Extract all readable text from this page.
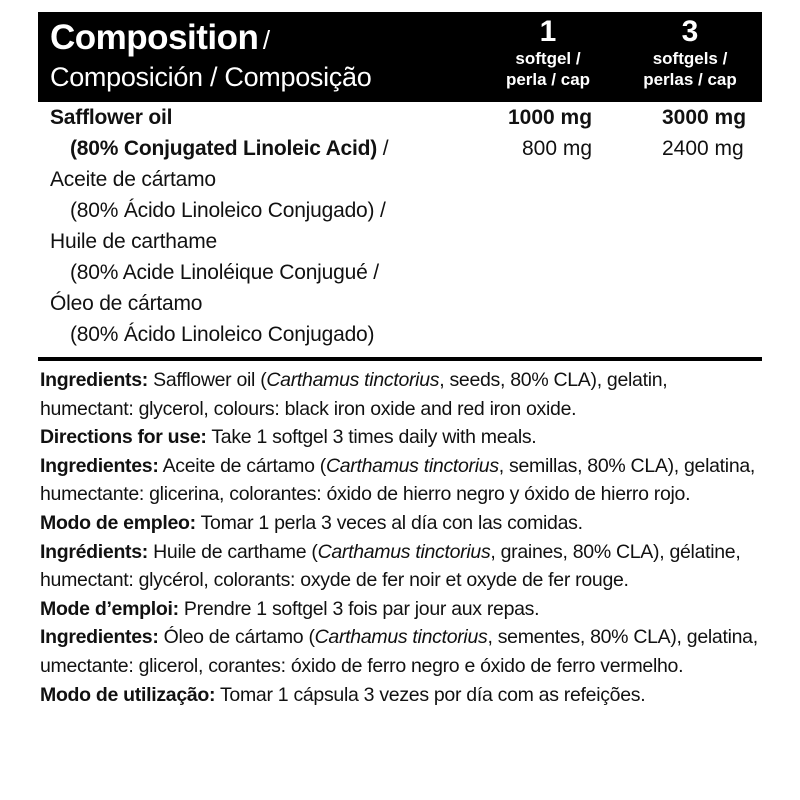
Composition /
Composición / Composição
1
softgel /
perla / cap
3
softgels /
perlas / cap
Safflower oil
(80% Conjugated Linoleic Acid) /
Aceite de cártamo
(80% Ácido Linoleico Conjugado) /
Huile de carthame
(80% Acide Linoléique Conjugué /
Óleo de cártamo
(80% Ácido Linoleico Conjugado)
1000 mg	3000 mg
800 mg	2400 mg
Ingredients: Safflower oil (Carthamus tinctorius, seeds, 80% CLA), gelatin, humectant: glycerol, colours: black iron oxide and red iron oxide.
Directions for use: Take 1 softgel 3 times daily with meals.
Ingredientes: Aceite de cártamo (Carthamus tinctorius, semillas, 80% CLA), gelatina, humectante: glicerina, colorantes: óxido de hierro negro y óxido de hierro rojo.
Modo de empleo: Tomar 1 perla 3 veces al día con las comidas.
Ingrédients: Huile de carthame (Carthamus tinctorius, graines, 80% CLA), gélatine, humectant: glycérol, colorants: oxyde de fer noir et oxyde de fer rouge.
Mode d’emploi: Prendre 1 softgel 3 fois par jour aux repas.
Ingredientes: Óleo de cártamo (Carthamus tinctorius, sementes, 80% CLA), gelatina, umectante: glicerol, corantes: óxido de ferro negro e óxido de ferro vermelho.
Modo de utilização: Tomar 1 cápsula 3 vezes por día com as refeições.
